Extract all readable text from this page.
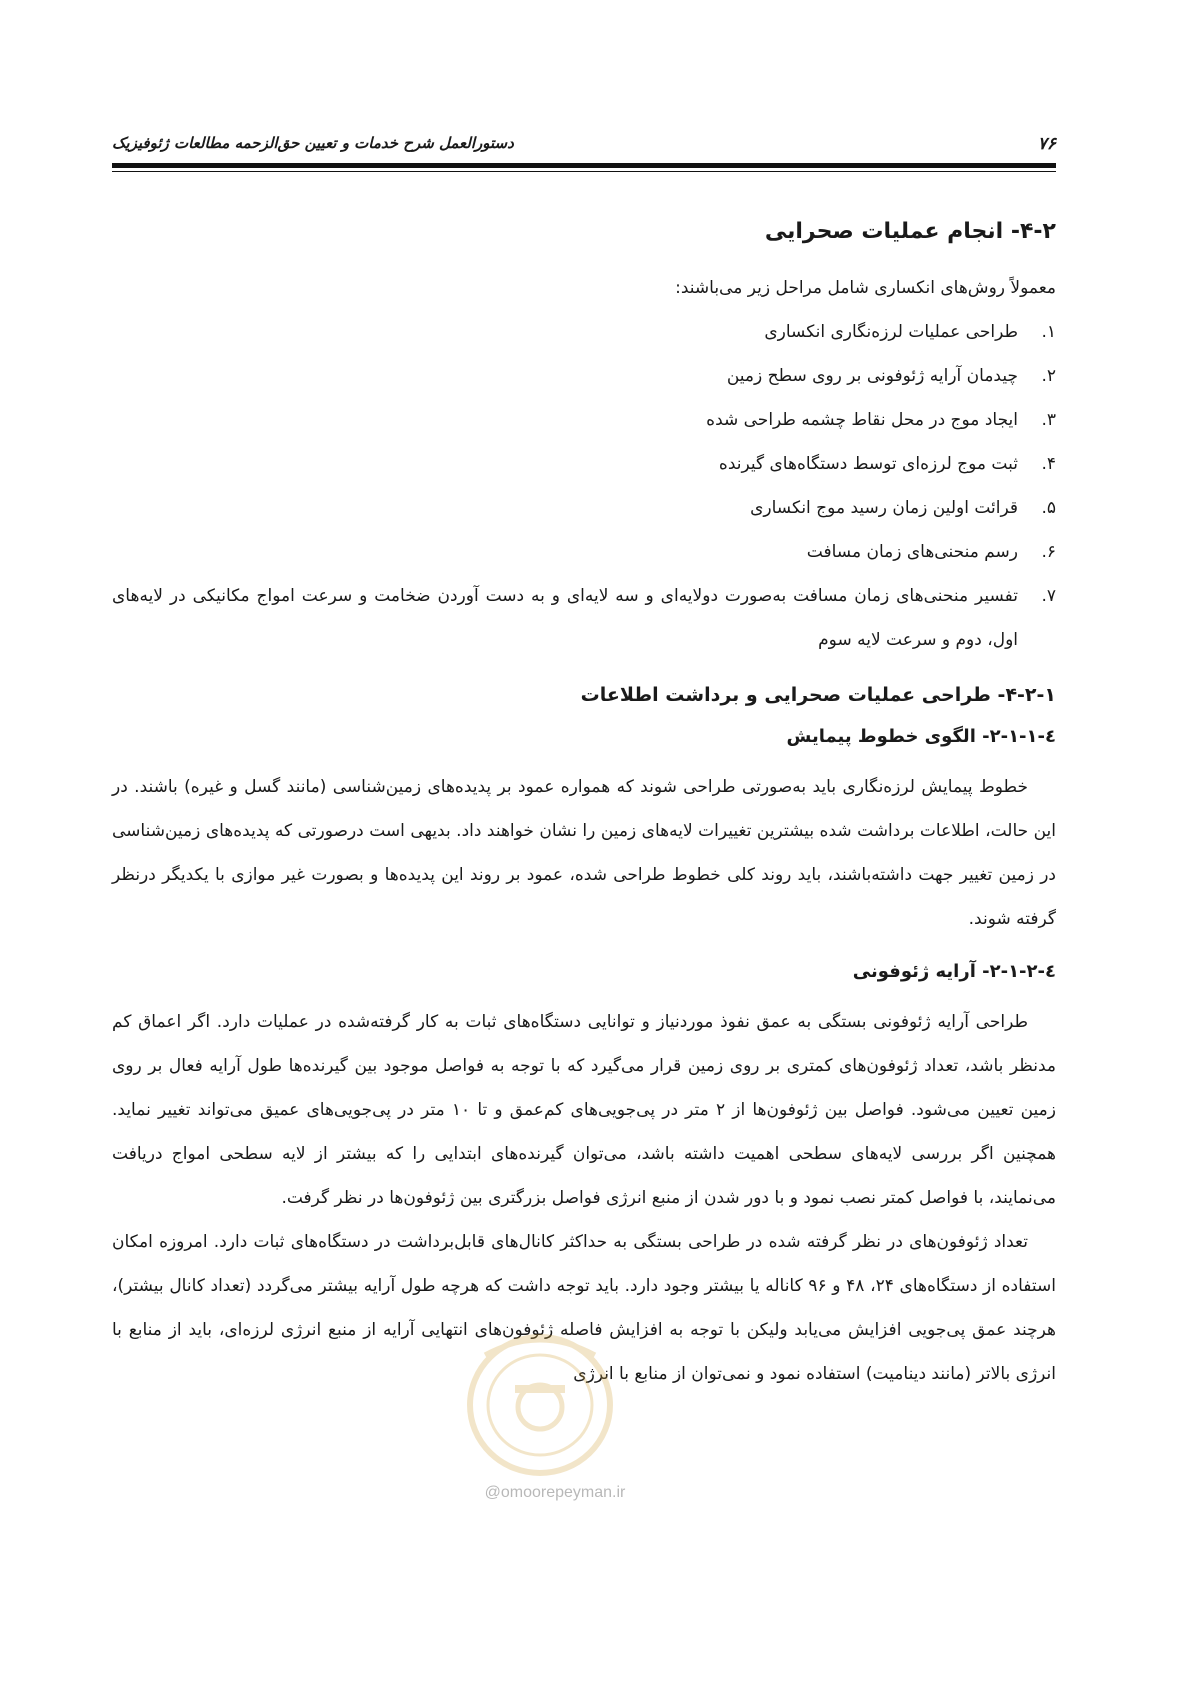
۷۶
دستورالعمل شرح خدمات و تعیین حق‌الزحمه مطالعات ژئوفیزیک
۴-۲- انجام عملیات صحرایی

معمولاً روش‌های انکساری شامل مراحل زیر می‌باشند:

۱.
طراحی عملیات لرزه‌نگاری انکساری
۲.
چیدمان آرایه ژئوفونی بر روی سطح زمین
۳.
ایجاد موج در محل نقاط چشمه طراحی شده
۴.
ثبت موج لرزه‌ای توسط دستگاه‌های گیرنده
۵.
قرائت اولین زمان رسید موج انکساری
۶.
رسم منحنی‌های زمان مسافت
۷.
تفسیر منحنی‌های زمان مسافت به‌صورت دولایه‌ای و سه لایه‌ای و به دست آوردن ضخامت و سرعت امواج مکانیکی در لایه‌های اول، دوم و سرعت لایه سوم
۴-۲-۱- طراحی عملیات صحرایی و برداشت اطلاعات
٤-۲-۱-۱- الگوی خطوط پیمایش

خطوط پیمایش لرزه‌نگاری باید به‌صورتی طراحی شوند که همواره عمود بر پدیده‌های زمین‌شناسی (مانند گسل و غیره) باشند. در این حالت، اطلاعات برداشت شده بیشترین تغییرات لایه‌های زمین را نشان خواهند داد. بدیهی است درصورتی که پدیده‌های زمین‌شناسی در زمین تغییر جهت داشته‌باشند، باید روند کلی خطوط طراحی شده، عمود بر روند این پدیده‌ها و بصورت غیر موازی با یکدیگر درنظر گرفته شوند.

٤-۲-۱-۲- آرایه ژئوفونی

طراحی آرایه ژئوفونی بستگی به عمق نفوذ موردنیاز و توانایی دستگاه‌های ثبات به کار گرفته‌شده در عملیات دارد. اگر اعماق کم مدنظر باشد، تعداد ژئوفون‌های کمتری بر روی زمین قرار می‌گیرد که با توجه به فواصل موجود بین گیرنده‌ها طول آرایه فعال بر روی زمین تعیین می‌شود. فواصل بین ژئوفون‌ها از ۲ متر در پی‌جویی‌های کم‌عمق و تا ۱۰ متر در پی‌جویی‌های عمیق می‌تواند تغییر نماید. همچنین اگر بررسی لایه‌های سطحی اهمیت داشته باشد، می‌توان گیرنده‌های ابتدایی را که بیشتر از لایه سطحی امواج دریافت می‌نمایند، با فواصل کمتر نصب نمود و با دور شدن از منبع انرژی فواصل بزرگتری بین ژئوفون‌ها در نظر گرفت.

تعداد ژئوفون‌های در نظر گرفته شده در طراحی بستگی به حداکثر کانال‌های قابل‌برداشت در دستگاه‌های ثبات دارد. امروزه امکان استفاده از دستگاه‌های ۲۴، ۴۸ و ۹۶ کاناله یا بیشتر وجود دارد. باید توجه داشت که هرچه طول آرایه بیشتر می‌گردد (تعداد کانال بیشتر)، هرچند عمق پی‌جویی افزایش می‌یابد ولیکن با توجه به افزایش فاصله ژئوفون‌های انتهایی آرایه از منبع انرژی لرزه‌ای، باید از منابع با انرژی بالاتر (مانند دینامیت) استفاده نمود و نمی‌توان از منابع با انرژی

@omoorepeyman.ir
